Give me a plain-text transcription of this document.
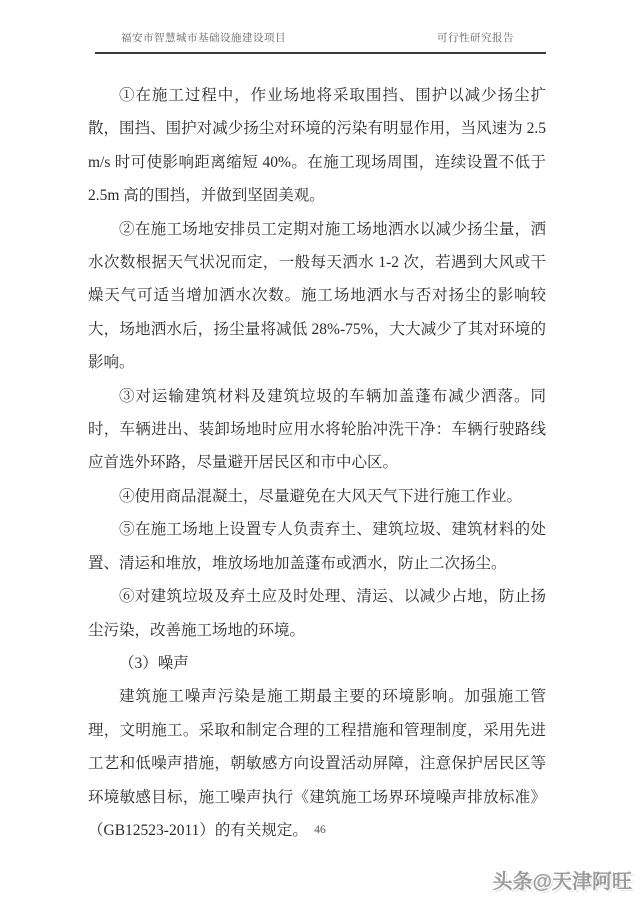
福安市智慧城市基础设施建设项目	可行性研究报告

①在施工过程中，作业场地将采取围挡、围护以减少扬尘扩散，围挡、围护对减少扬尘对环境的污染有明显作用，当风速为 2.5m/s 时可使影响距离缩短 40%。在施工现场周围，连续设置不低于 2.5m 高的围挡，并做到坚固美观。

②在施工场地安排员工定期对施工场地洒水以减少扬尘量，洒水次数根据天气状况而定，一般每天洒水 1-2 次，若遇到大风或干燥天气可适当增加洒水次数。施工场地洒水与否对扬尘的影响较大，场地洒水后，扬尘量将减低 28%-75%，大大减少了其对环境的影响。

③对运输建筑材料及建筑垃圾的车辆加盖蓬布减少洒落。同时，车辆进出、装卸场地时应用水将轮胎冲洗干净：车辆行驶路线应首选外环路，尽量避开居民区和市中心区。

④使用商品混凝土，尽量避免在大风天气下进行施工作业。

⑤在施工场地上设置专人负责弃土、建筑垃圾、建筑材料的处置、清运和堆放，堆放场地加盖蓬布或洒水，防止二次扬尘。

⑥对建筑垃圾及弃土应及时处理、清运、以减少占地，防止扬尘污染，改善施工场地的环境。

（3）噪声

建筑施工噪声污染是施工期最主要的环境影响。加强施工管理，文明施工。采取和制定合理的工程措施和管理制度，采用先进工艺和低噪声措施，朝敏感方向设置活动屏障，注意保护居民区等环境敏感目标，施工噪声执行《建筑施工场界环境噪声排放标准》（GB12523-2011）的有关规定。 46
头条@天津阿旺
